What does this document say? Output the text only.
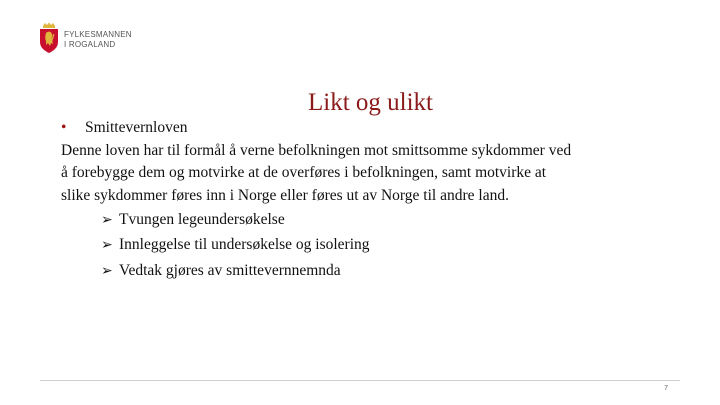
FYLKESMANNEN
I ROGALAND
Likt og ulikt
• Smittevernloven
Denne loven har til formål å verne befolkningen mot smittsomme sykdommer ved
å forebygge dem og motvirke at de overføres i befolkningen, samt motvirke at
slike sykdommer føres inn i Norge eller føres ut av Norge til andre land.
➢ Tvungen legeundersøkelse
➢ Innleggelse til undersøkelse og isolering
➢ Vedtak gjøres av smittevernnemnda
7
